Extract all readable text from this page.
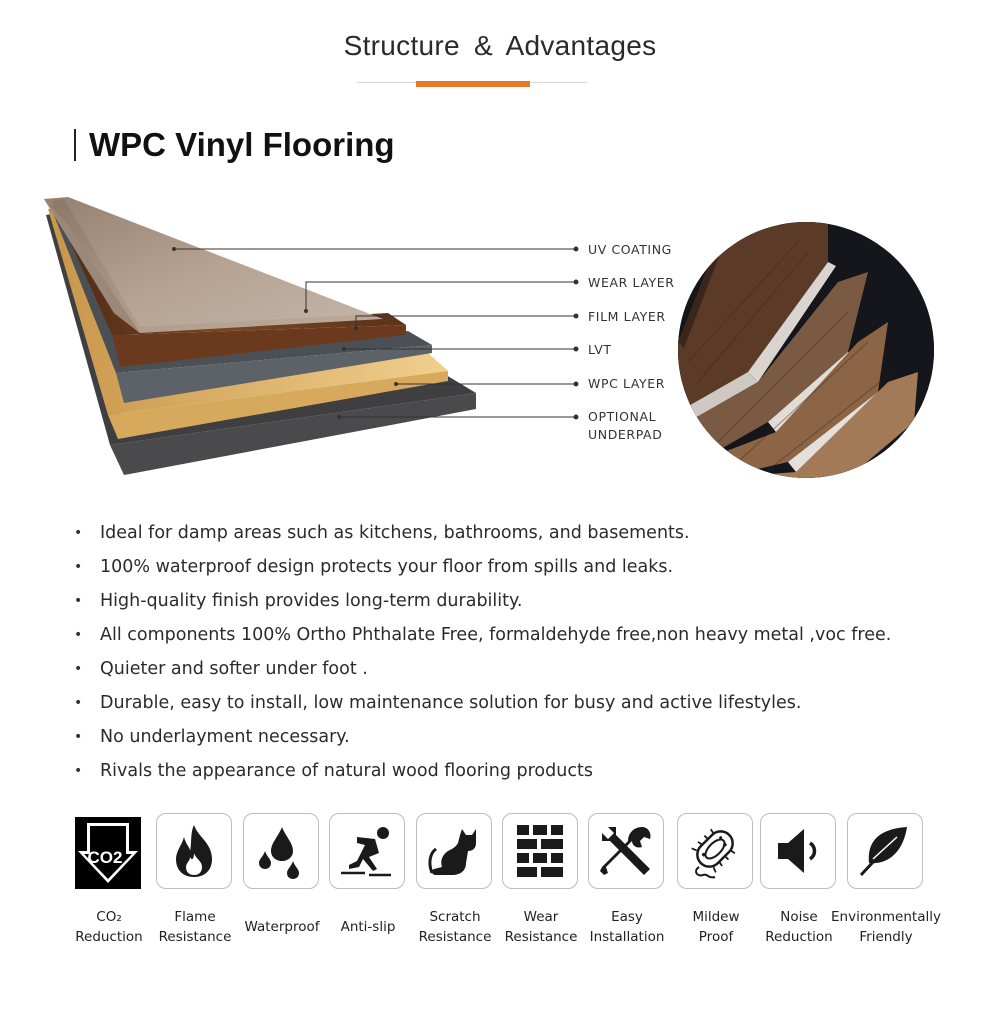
Structure & Advantages
WPC Vinyl Flooring
UV COATING
WEAR LAYER
FILM LAYER
LVT
WPC LAYER
OPTIONAL
UNDERPAD
•	Ideal for damp areas such as kitchens, bathrooms, and basements.
•	100% waterproof design protects your floor from spills and leaks.
•	High-quality finish provides long-term durability.
•	All components 100% Ortho Phthalate Free, formaldehyde free,non heavy metal ,voc free.
•	Quieter and softer under foot .
•	Durable, easy to install, low maintenance solution for busy and active lifestyles.
•	No underlayment necessary.
•	Rivals the appearance of natural wood flooring products
CO2
CO₂
Reduction
Flame
Resistance
Waterproof	Anti-slip
Scratch
Resistance
Wear
Resistance
Easy
Installation
Mildew
Proof
Noise
Reduction
Environmentally
Friendly
